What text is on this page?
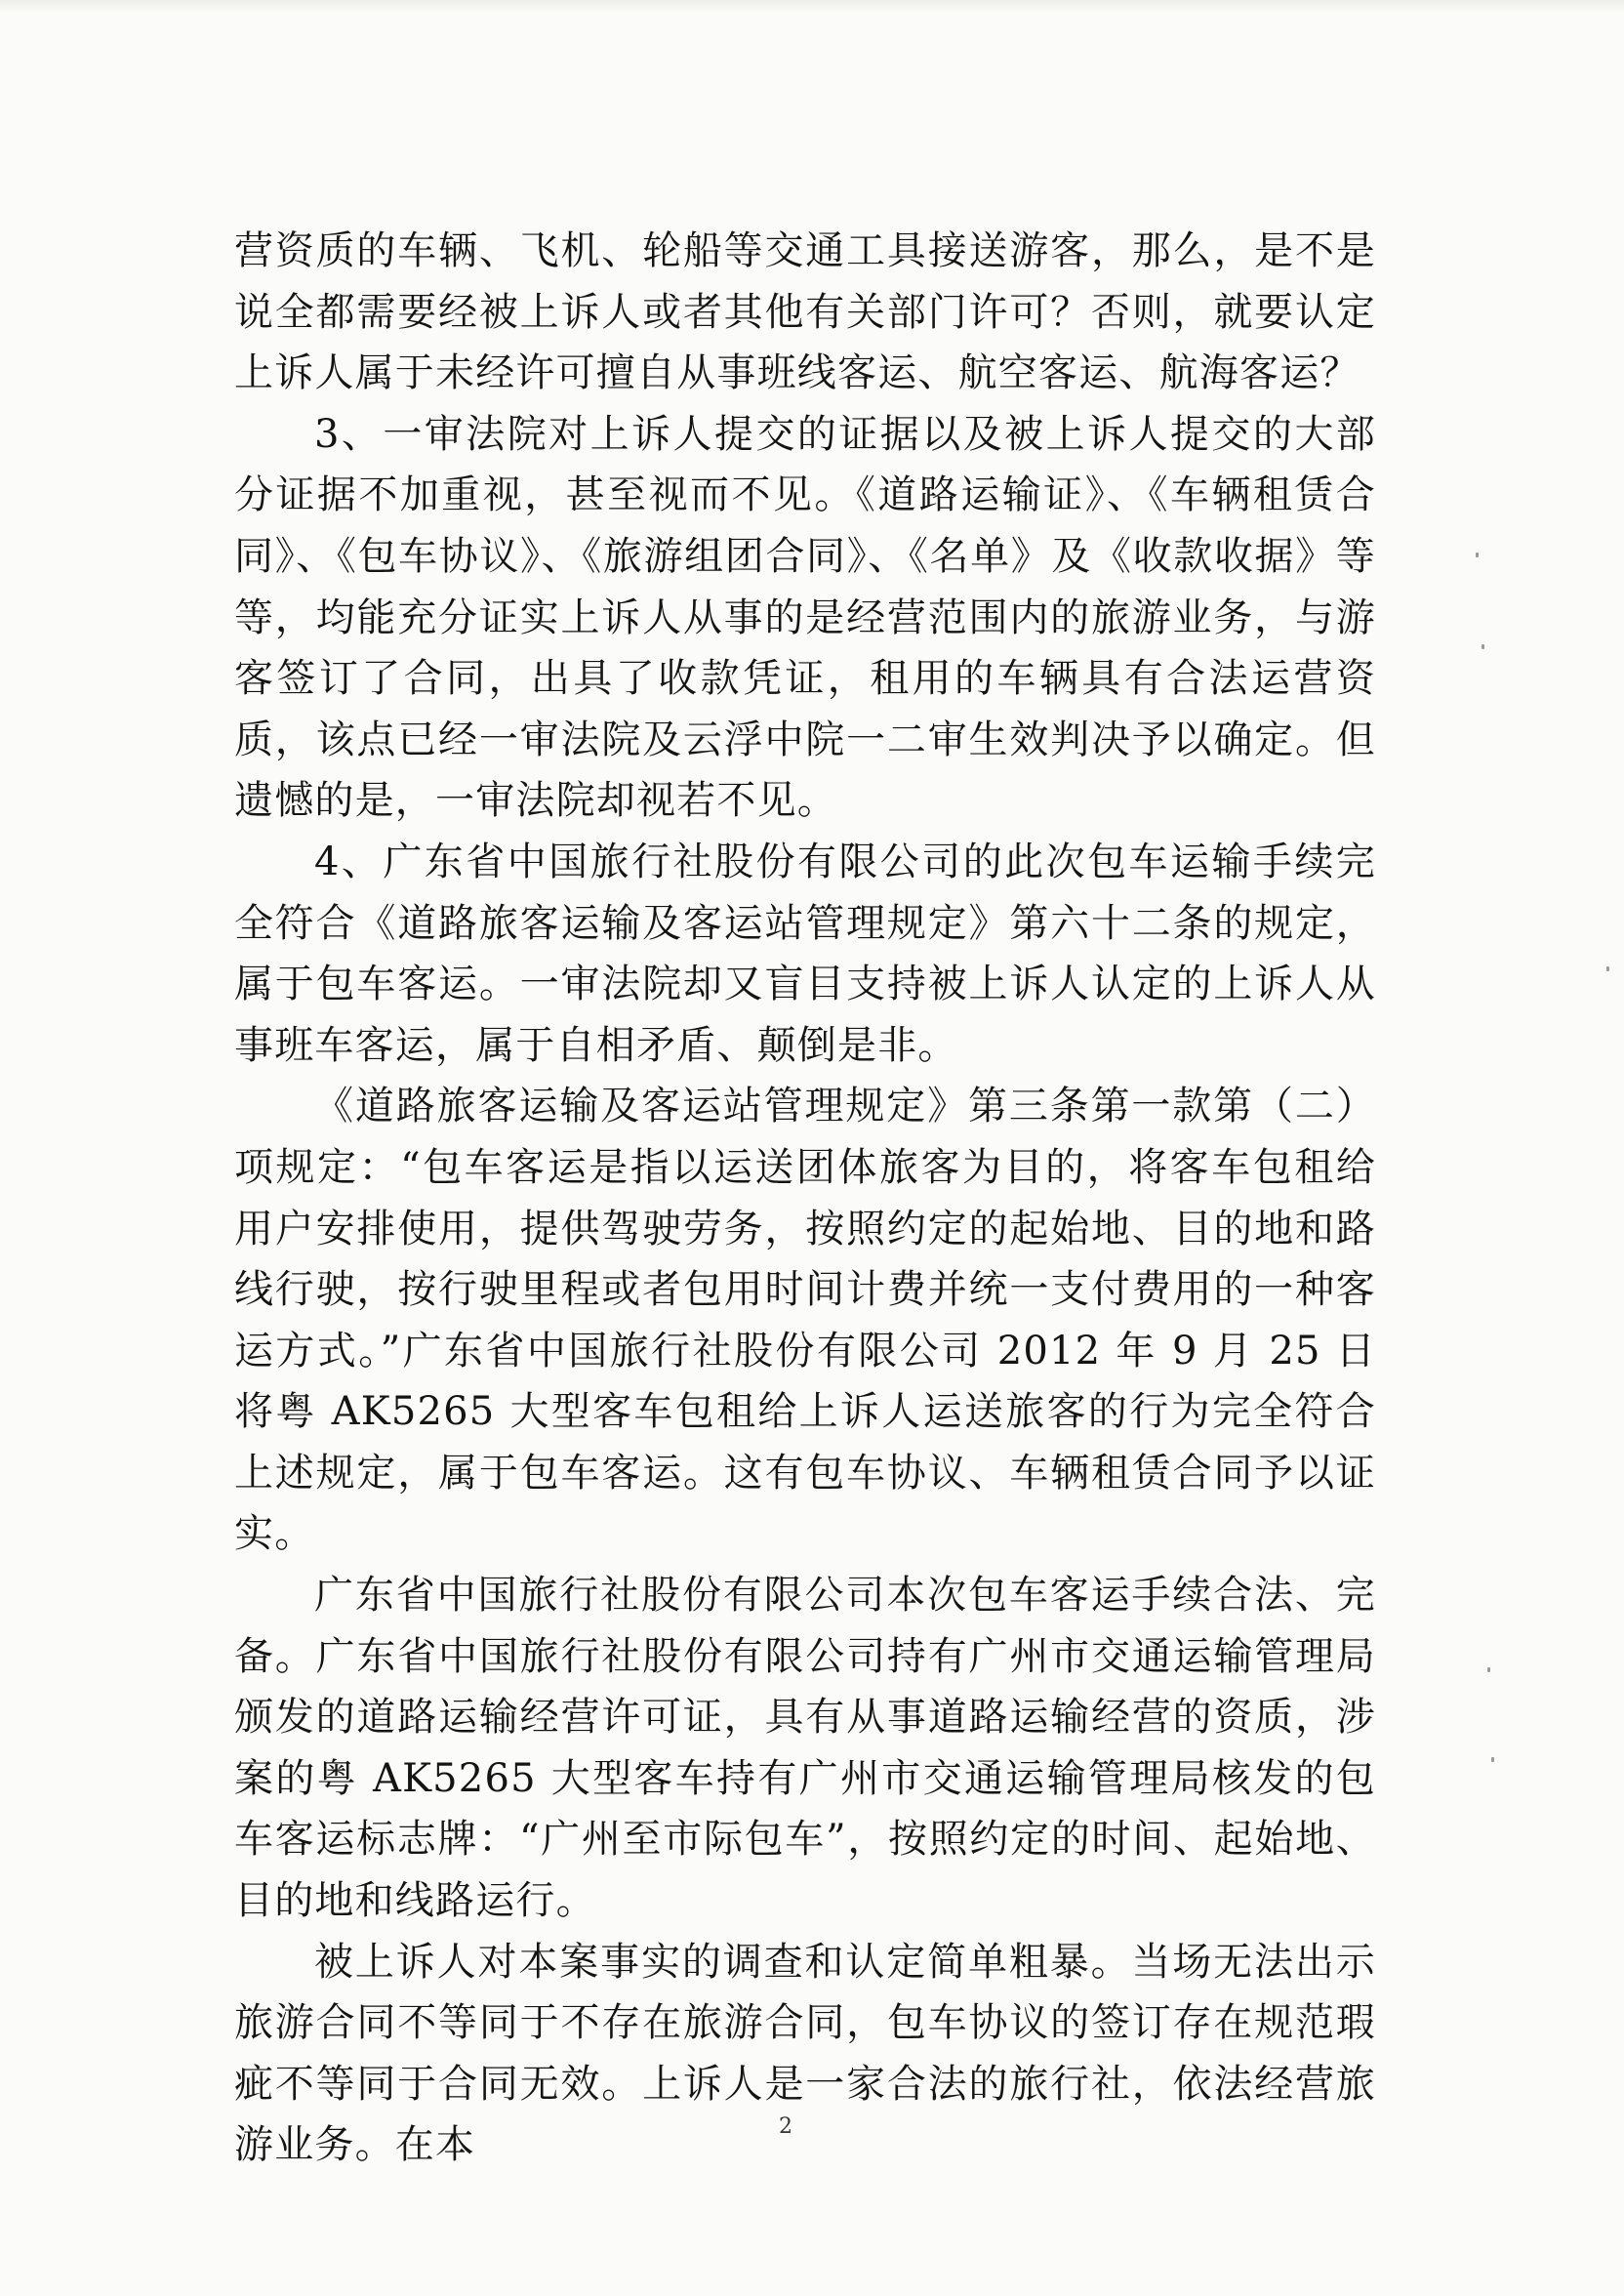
营资质的车辆、飞机、轮船等交通工具接送游客，那么，是不是说全都需要经被上诉人或者其他有关部门许可？否则，就要认定上诉人属于未经许可擅自从事班线客运、航空客运、航海客运？

3、一审法院对上诉人提交的证据以及被上诉人提交的大部分证据不加重视，甚至视而不见。《道路运输证》、《车辆租赁合同》、《包车协议》、《旅游组团合同》、《名单》及《收款收据》等等，均能充分证实上诉人从事的是经营范围内的旅游业务，与游客签订了合同，出具了收款凭证，租用的车辆具有合法运营资质，该点已经一审法院及云浮中院一二审生效判决予以确定。但遗憾的是，一审法院却视若不见。

4、广东省中国旅行社股份有限公司的此次包车运输手续完全符合《道路旅客运输及客运站管理规定》第六十二条的规定，属于包车客运。一审法院却又盲目支持被上诉人认定的上诉人从事班车客运，属于自相矛盾、颠倒是非。

《道路旅客运输及客运站管理规定》第三条第一款第（二）项规定：“包车客运是指以运送团体旅客为目的，将客车包租给用户安排使用，提供驾驶劳务，按照约定的起始地、目的地和路线行驶，按行驶里程或者包用时间计费并统一支付费用的一种客运方式。”广东省中国旅行社股份有限公司 2012 年 9 月 25 日将粤 AK5265 大型客车包租给上诉人运送旅客的行为完全符合上述规定，属于包车客运。这有包车协议、车辆租赁合同予以证实。

广东省中国旅行社股份有限公司本次包车客运手续合法、完备。广东省中国旅行社股份有限公司持有广州市交通运输管理局颁发的道路运输经营许可证，具有从事道路运输经营的资质，涉案的粤 AK5265 大型客车持有广州市交通运输管理局核发的包车客运标志牌：“广州至市际包车”，按照约定的时间、起始地、目的地和线路运行。

被上诉人对本案事实的调查和认定简单粗暴。当场无法出示旅游合同不等同于不存在旅游合同，包车协议的签订存在规范瑕疵不等同于合同无效。上诉人是一家合法的旅行社，依法经营旅游业务。在本	2
